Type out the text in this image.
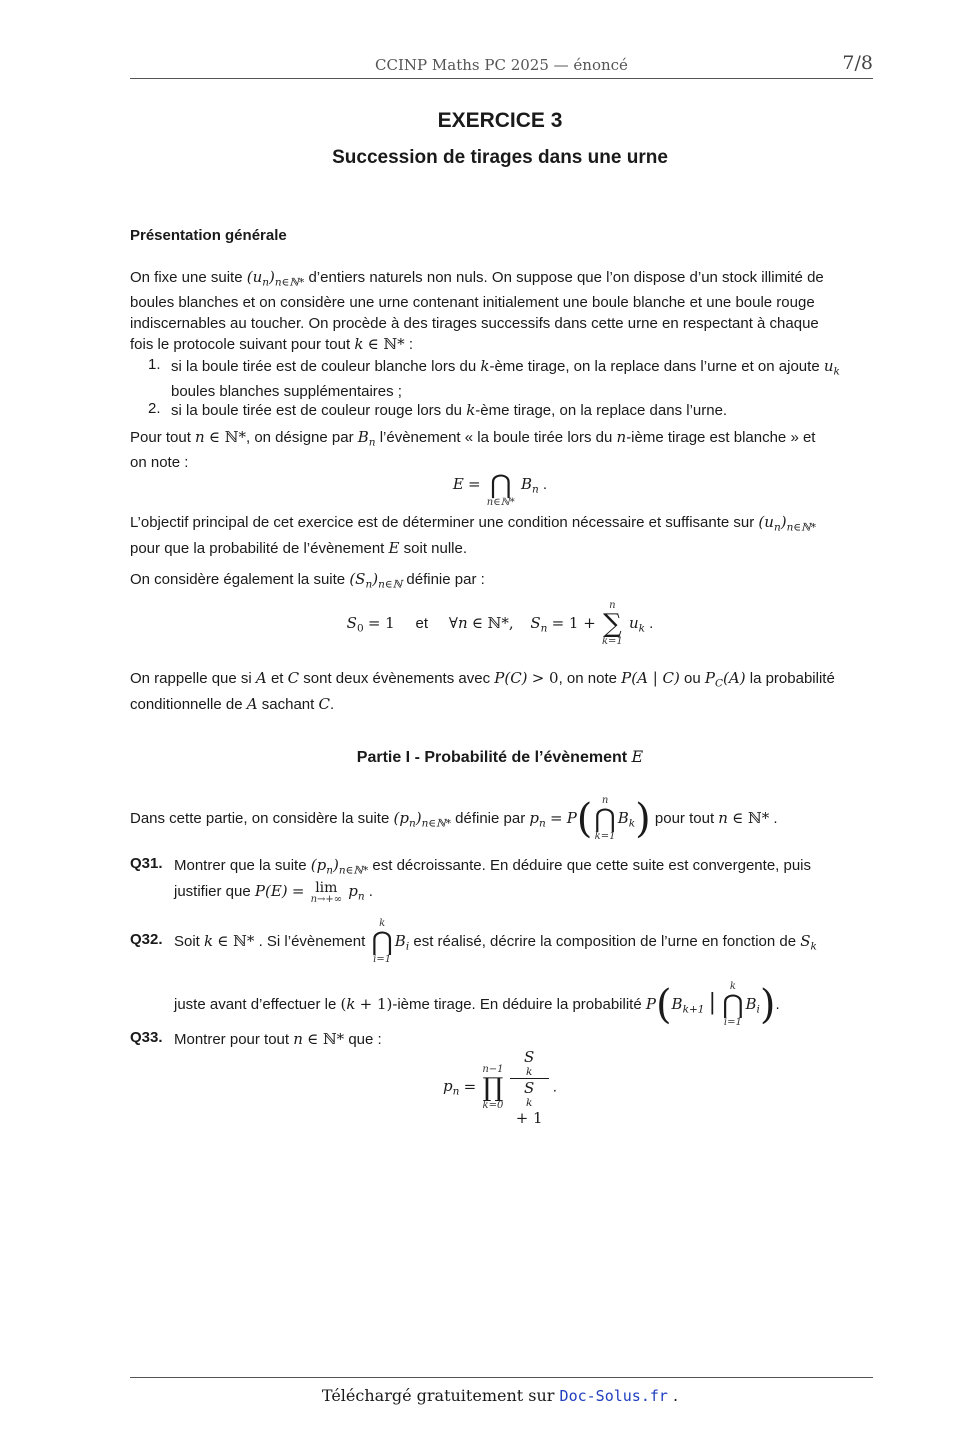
CCINP Maths PC 2025 — énoncé	7/8
EXERCICE 3
Succession de tirages dans une urne
Présentation générale
On fixe une suite $(u_n)_{n\in ℕ*}$ d’entiers naturels non nuls. On suppose que l’on dispose d’un stock illimité de
boules blanches et on considère une urne contenant initialement une boule blanche et une boule rouge
indiscernables au toucher. On procède à des tirages successifs dans cette urne en respectant à chaque
fois le protocole suivant pour tout k ∈ ℕ* :
1. si la boule tirée est de couleur blanche lors du k-ème tirage, on la replace dans l’urne et on ajoute $u_k$
boules blanches supplémentaires ;
2. si la boule tirée est de couleur rouge lors du k-ème tirage, on la replace dans l’urne.
Pour tout n ∈ ℕ*, on désigne par $B_n$ l’évènement « la boule tirée lors du n-ième tirage est blanche » et
on note :
E =
⋂
n∈ℕ*
$B_n$ .
L’objectif principal de cet exercice est de déterminer une condition nécessaire et suffisante sur $(u_n)_{n\in ℕ*}$
pour que la probabilité de l’évènement E soit nulle.
On considère également la suite $(S_n)_{n\in ℕ}$ définie par :
$S_0 = 1$ et ∀n ∈ ℕ*, $S_n = 1$ +
n
∑
k=1
$u_k$ .
On rappelle que si A et C sont deux évènements avec P(C) > 0, on note P(A | C) ou $P_C(A)$ la probabilité
conditionnelle de A sachant C.
Partie I - Probabilité de l’évènement E
Dans cette partie, on considère la suite $(p_n)_{n\in ℕ*}$ définie par $p_n = P$( n
⋂
k=1
$B_k$) pour tout n ∈ ℕ* .
Q31. Montrer que la suite $(p_n)_{n\in ℕ*}$ est décroissante. En déduire que cette suite est convergente, puis
justifier que P(E) = lim
n→+∞ $p_n$ .
Q32. Soit k ∈ ℕ* . Si l’évènement
k
⋂
i=1
$B_i$ est réalisé, décrire la composition de l’urne en fonction de $S_k$
juste avant d’effectuer le (k + 1)-ième tirage. En déduire la probabilité $P(B_{k+1}$ |
k
⋂
i=1
$B_i$).
Q33. Montrer pour tout n ∈ ℕ* que :
$p_n$ =
n−1
∏
k=0
S
k
S
k
+ 1 .
Téléchargé gratuitement sur Doc-Solus.fr .
